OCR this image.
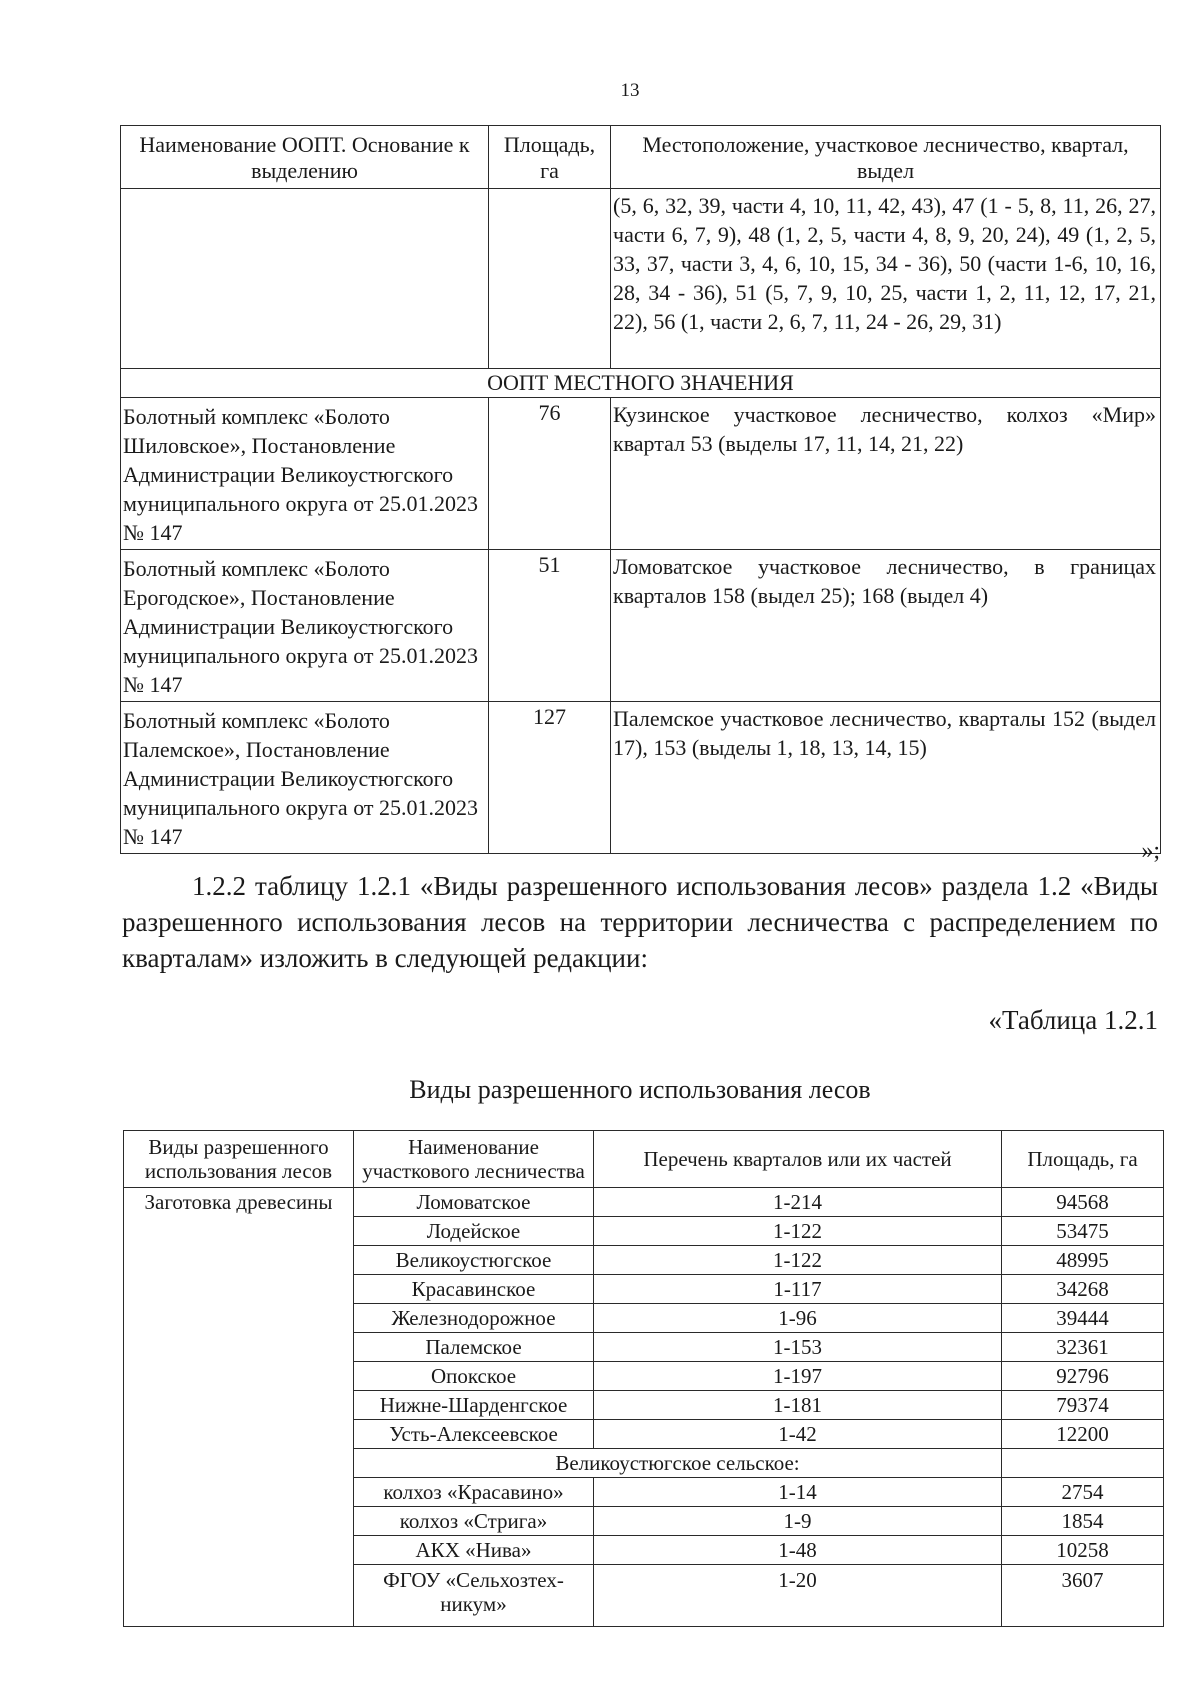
13
Наименование ООПТ. Основание к выделению	Площадь, га	Местоположение, участковое лесничество, квартал, выдел
		(5, 6, 32, 39, части 4, 10, 11, 42, 43), 47 (1 - 5, 8, 11, 26, 27, части 6, 7, 9), 48 (1, 2, 5, части 4, 8, 9, 20, 24), 49 (1, 2, 5, 33, 37, части 3, 4, 6, 10, 15, 34 - 36), 50 (части 1-6, 10, 16, 28, 34 - 36), 51 (5, 7, 9, 10, 25, части 1, 2, 11, 12, 17, 21, 22), 56 (1, части 2, 6, 7, 11, 24 - 26, 29, 31)
ООПТ МЕСТНОГО ЗНАЧЕНИЯ		
Болотный комплекс «Болото Шиловское», Постановление Администрации Великоустюгского муниципального округа от 25.01.2023 № 147	76	Кузинское участковое лесничество, колхоз «Мир» квартал 53 (выделы 17, 11, 14, 21, 22)
Болотный комплекс «Болото Ерогодское», Постановление Администрации Великоустюгского муниципального округа от 25.01.2023 № 147	51	Ломоватское участковое лесничество, в границах кварталов 158 (выдел 25); 168 (выдел 4)
Болотный комплекс «Болото Палемское», Постановление Администрации Великоустюгского муниципального округа от 25.01.2023 № 147	127	Палемское участковое лесничество, кварталы 152 (выдел 17), 153 (выделы 1, 18, 13, 14, 15)
»;
1.2.2 таблицу 1.2.1 «Виды разрешенного использования лесов» раздела 1.2 «Виды разрешенного использования лесов на территории лесничества с распределением по кварталам» изложить в следующей редакции:
«Таблица 1.2.1
Виды разрешенного использования лесов
Виды разрешенного использования лесов	Наименование участкового лесничества	Перечень кварталов или их частей	Площадь, га
Заготовка древесины	Ломоватское	1-214	94568
	Лодейское	1-122	53475
	Великоустюгское	1-122	48995
	Красавинское	1-117	34268
	Железнодорожное	1-96	39444
	Палемское	1-153	32361
	Опокское	1-197	92796
	Нижне-Шарденгское	1-181	79374
	Усть-Алексеевское	1-42	12200
	Великоустюгское сельское:		
	колхоз «Красавино»	1-14	2754
	колхоз «Стрига»	1-9	1854
	АКХ «Нива»	1-48	10258
	ФГОУ «Сельхозтех-никум»	1-20	3607
